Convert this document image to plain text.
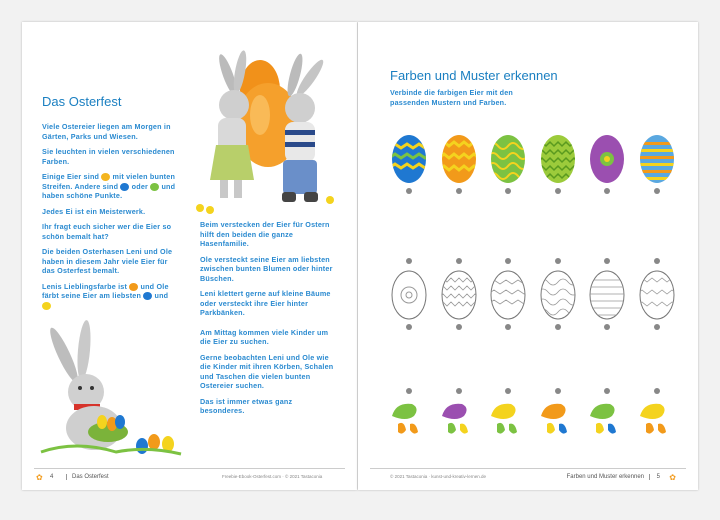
Das Osterfest

Viele Ostereier liegen am Morgen in Gärten, Parks und Wiesen.

Sie leuchten in vielen verschiedenen Farben.

Einige Eier sind mit vielen bunten Streifen. Andere sind oder und haben schöne Punkte.

Jedes Ei ist ein Meisterwerk.

Ihr fragt euch sicher wer die Eier so schön bemalt hat?

Die beiden Osterhasen Leni und Ole haben in diesem Jahr viele Eier für das Osterfest bemalt.

Lenis Lieblingsfarbe ist und Ole färbt seine Eier am liebsten und

Beim verstecken der Eier für Ostern hilft den beiden die ganze Hasenfamilie.

Ole versteckt seine Eier am liebsten zwischen bunten Blumen oder hinter Büschen.

Leni klettert gerne auf kleine Bäume oder versteckt ihre Eier hinter Parkbänken.

Am Mittag kommen viele Kinder um die Eier zu suchen.

Gerne beobachten Leni und Ole wie die Kinder mit ihren Körben, Schalen und Taschen die vielen bunten Ostereier suchen.

Das ist immer etwas ganz besonderes.

✿ 4	Das Osterfest	Freebie-Ebook-Osterfest.com · © 2021 Tastaconia
Farben und Muster erkennen
Verbinde die farbigen Eier mit den passenden Mustern und Farben.
© 2021 Tastaconia · kunst-und-kreativ-lernen.de	Farben und Muster erkennen	5 ✿
